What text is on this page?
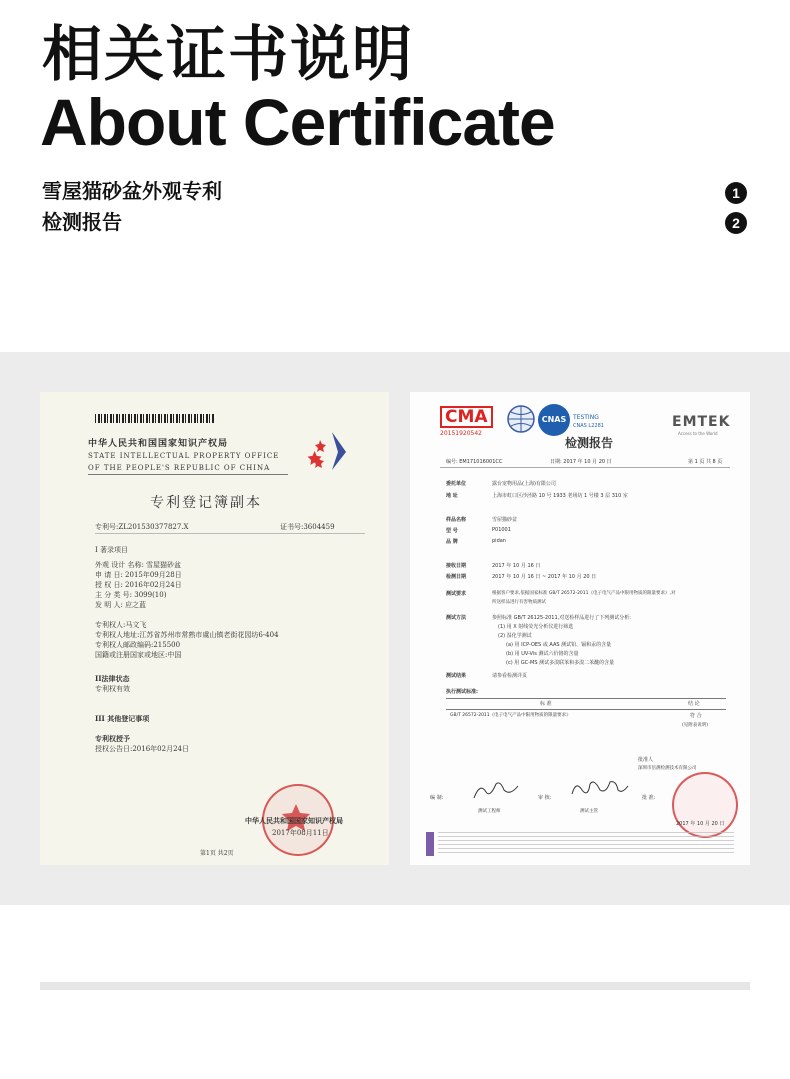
相关证书说明
About Certificate
雪屋猫砂盆外观专利	1
检测报告	2
中华人民共和国国家知识产权局
STATE INTELLECTUAL PROPERTY OFFICE
OF THE PEOPLE'S REPUBLIC OF CHINA
专利登记簿副本
专利号:ZL201530377827.X	证书号:3604459
I 著录项目
外观 设计 名称: 雪屋猫砂盆
申 请 日: 2015年09月28日
授 权 日: 2016年02月24日
主 分 类 号: 3099(10)
发 明 人: 应之蓝
专利权人:马文飞
专利权人地址:江苏省苏州市常熟市虞山镇老街花园坊6-404
专利权人邮政编码:215500
国籍或注册国家或地区:中国
II法律状态
专利权有效
III 其他登记事项
专利权授予
授权公告日:2016年02月24日
中华人民共和国国家知识产权局
2017年08月11日
第1页 共2页
CMA
201519205​42
CNAS	TESTING
CNAS L2281	EMTEK
Access to the World
检测报告
编号: EM17101600​1CC	日期: 2017 年 10 月 20 日	第 1 页 共 8 页
委托单位	露台宠物用品(上海)有限公司
地 址	上海市虹口区沙泾路 10 号 1933 老场坊 1 号楼 3 层 310 室
样品名称	雪屋猫砂盆
型 号	P01001
品 牌	pidan
接收日期	2017 年 10 月 16 日
检测日期	2017 年 10 月 16 日 ~ 2017 年 10 月 20 日
测试要求	根据客户要求,依据国家标准 GB/T 26572-2011《电子电气产品中限用物质的限量要求》,对
所送样品进行有害物质测试
测试方法	参照标准 GB/T 26125-2011,对送检样品进行了下列测试分析:
(1) 用 X 射线荧光分析仪进行筛选
(2) 湿化学测试
(a) 用 ICP-OES 或 AAS 测试铅、镉和汞的含量
(b) 用 UV-Vis 测试六价铬的含量
(c) 用 GC-MS 测试多溴联苯和多溴二苯醚的含量
测试结果	请参看检测详页
执行测试标准:
标 准	结 论
GB/T 26572-2011《电子电气产品中限用物质的限量要求》	符 合
(见附表说明)
批准人
深圳市倍测检测技术有限公司
编 制:
测试工程师
审 核:
测试主管
批 准:
2017 年 10 月 20 日
